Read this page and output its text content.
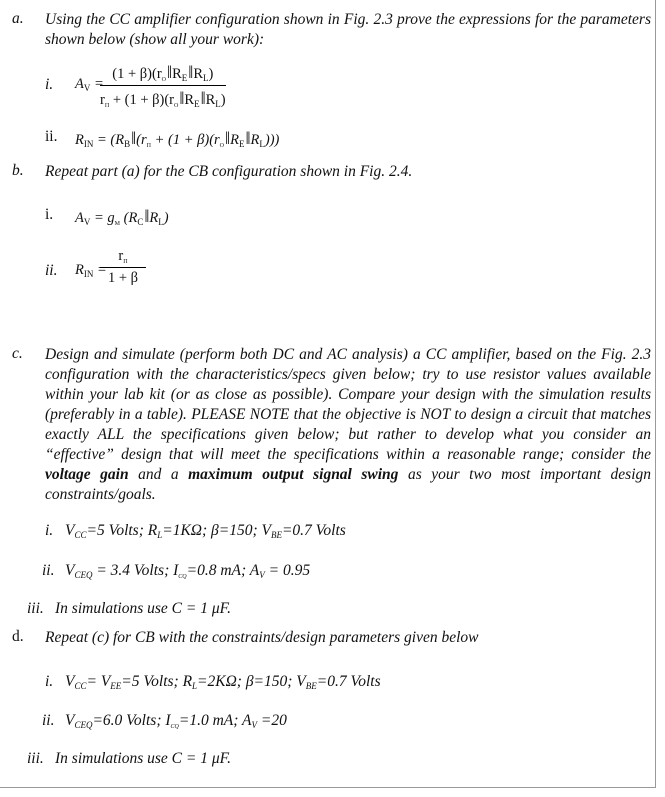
a. Using the CC amplifier configuration shown in Fig. 2.3 prove the expressions for the parameters shown below (show all your work):
i. $A_V$ =
$(1 + \beta)(r_o‖$ $R_E‖$ $R_L$)
$r_\pi + (1$ + $\beta)(r_o‖$ $R_E‖$ $R_L$)
ii. $R_{IN}$ = ($R_B‖$ ($r_\pi + (1$ + $\beta)(r_o‖$ $R_E‖$ $R_L$)))
b. Repeat part (a) for the CB configuration shown in Fig. 2.4.
i. $A_V = g_m$ ($R_C‖$ $R_L$)
ii. $R_{IN}$ =
$r_\pi$
1 + β
c. Design and simulate (perform both DC and AC analysis) a CC amplifier, based on the Fig. 2.3 configuration with the characteristics/specs given below; try to use resistor values available within your lab kit (or as close as possible). Compare your design with the simulation results (preferably in a table). PLEASE NOTE that the objective is NOT to design a circuit that matches exactly ALL the specifications given below; but rather to develop what you consider an “effective” design that will meet the specifications within a reasonable range; consider the voltage gain and a maximum output signal swing as your two most important design constraints/goals.
i. $V_{CC}=5$ Volts; $R_L=1K\Omega$; β=150; $V_{BE}=0.7$ Volts
ii. $V_{CEQ} = 3.4$ Volts; $I_{cq}=0.8$ mA; $A_V = 0.95$
iii. In simulations use C = 1 μF.
d. Repeat (c) for CB with the constraints/design parameters given below
i. $V_{CC}= V_{EE}=5$ Volts; $R_L=2K\Omega$; β=150; $V_{BE}=0.7$ Volts
ii. $V_{CEQ}=6.0$ Volts; $I_{cq}=1.0$ mA; $A_V =20$
iii. In simulations use C = 1 μF.
